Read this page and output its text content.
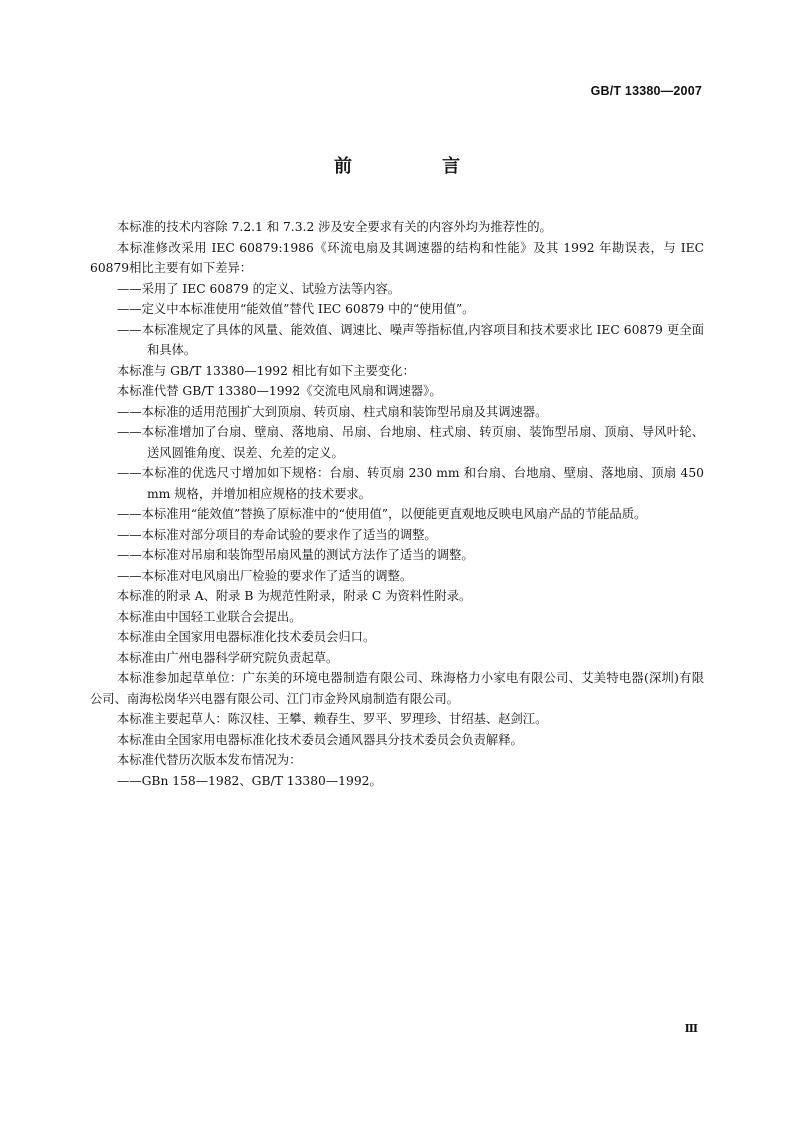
GB/T 13380—2007
前　言

本标准的技术内容除 7.2.1 和 7.3.2 涉及安全要求有关的内容外均为推荐性的。

本标准修改采用 IEC 60879:1986《环流电扇及其调速器的结构和性能》及其 1992 年勘误表，与 IEC 60879相比主要有如下差异：

——采用了 IEC 60879 的定义、试验方法等内容。

——定义中本标准使用“能效值”替代 IEC 60879 中的“使用值”。

——本标准规定了具体的风量、能效值、调速比、噪声等指标值,内容项目和技术要求比 IEC 60879 更全面和具体。

本标准与 GB/T 13380—1992 相比有如下主要变化：

本标准代替 GB/T 13380—1992《交流电风扇和调速器》。

——本标准的适用范围扩大到顶扇、转页扇、柱式扇和装饰型吊扇及其调速器。

——本标准增加了台扇、壁扇、落地扇、吊扇、台地扇、柱式扇、转页扇、装饰型吊扇、顶扇、导风叶轮、送风圆锥角度、误差、允差的定义。

——本标准的优选尺寸增加如下规格：台扇、转页扇 230 mm 和台扇、台地扇、壁扇、落地扇、顶扇 450 mm 规格，并增加相应规格的技术要求。

——本标准用“能效值”替换了原标准中的“使用值”，以便能更直观地反映电风扇产品的节能品质。

——本标准对部分项目的寿命试验的要求作了适当的调整。

——本标准对吊扇和装饰型吊扇风量的测试方法作了适当的调整。

——本标准对电风扇出厂检验的要求作了适当的调整。

本标准的附录 A、附录 B 为规范性附录，附录 C 为资料性附录。

本标准由中国轻工业联合会提出。

本标准由全国家用电器标准化技术委员会归口。

本标准由广州电器科学研究院负责起草。

本标准参加起草单位：广东美的环境电器制造有限公司、珠海格力小家电有限公司、艾美特电器(深圳)有限公司、南海松岗华兴电器有限公司、江门市金羚风扇制造有限公司。

本标准主要起草人：陈汉桂、王攀、赖春生、罗平、罗理珍、甘绍基、赵剑江。

本标准由全国家用电器标准化技术委员会通风器具分技术委员会负责解释。

本标准代替历次版本发布情况为：

——GBn 158—1982、GB/T 13380—1992。

Ⅲ
